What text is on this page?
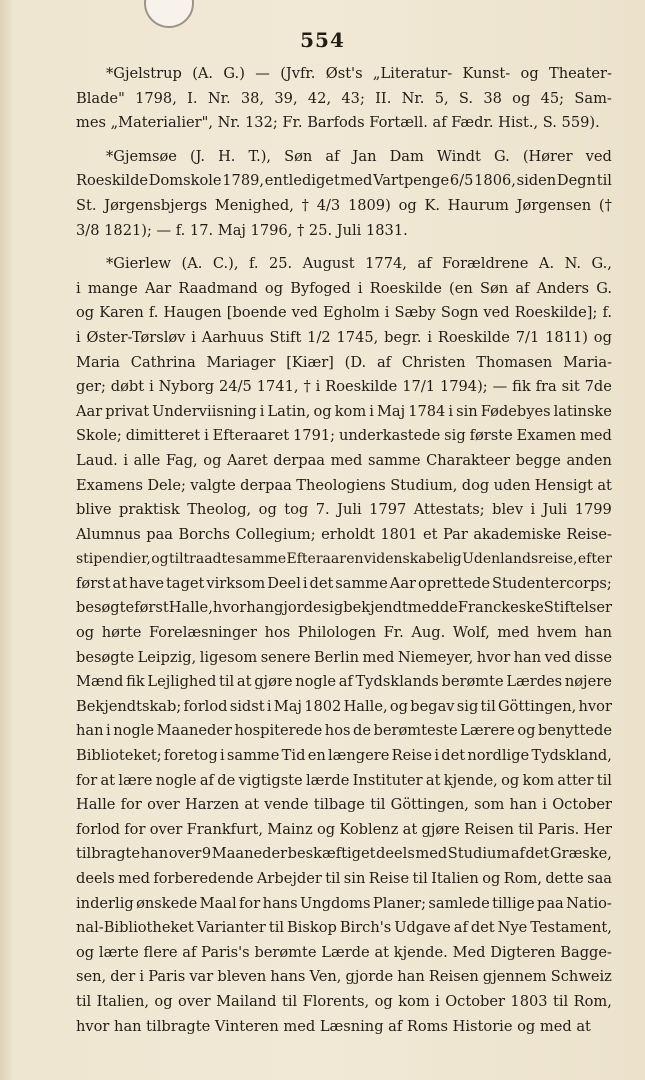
554
*Gjelstrup (A. G.) — (Jvfr. Øst's „Literatur- Kunst- og Theater-
Blade" 1798, I. Nr. 38, 39, 42, 43; II. Nr. 5, S. 38 og 45; Sam-
mes „Materialier", Nr. 132; Fr. Barfods Fortæll. af Fædr. Hist., S. 559).
*Gjemsøe (J. H. T.), Søn af Jan Dam Windt G. (Hører ved
Roeskilde Domskole 1789, entlediget med Vartpenge 6/5 1806, siden Degn til
St. Jørgensbjergs Menighed, † 4/3 1809) og K. Haurum Jørgensen (†
3/8 1821); — f. 17. Maj 1796, † 25. Juli 1831.
*Gierlew (A. C.), f. 25. August 1774, af Forældrene A. N. G.,
i mange Aar Raadmand og Byfoged i Roeskilde (en Søn af Anders G.
og Karen f. Haugen [boende ved Egholm i Sæby Sogn ved Roeskilde]; f.
i Øster-Tørsløv i Aarhuus Stift 1/2 1745, begr. i Roeskilde 7/1 1811) og
Maria Cathrina Mariager [Kiær] (D. af Christen Thomasen Maria-
ger; døbt i Nyborg 24/5 1741, † i Roeskilde 17/1 1794); — fik fra sit 7de
Aar privat Underviisning i Latin, og kom i Maj 1784 i sin Fødebyes latinske
Skole; dimitteret i Efteraaret 1791; underkastede sig første Examen med
Laud. i alle Fag, og Aaret derpaa med samme Charakteer begge anden
Examens Dele; valgte derpaa Theologiens Studium, dog uden Hensigt at
blive praktisk Theolog, og tog 7. Juli 1797 Attestats; blev i Juli 1799
Alumnus paa Borchs Collegium; erholdt 1801 et Par akademiske Reise-
stipendier, og tiltraadte samme Efteraar en videnskabelig Udenlandsreise, efter
først at have taget virksom Deel i det samme Aar oprettede Studentercorps;
besøgte først Halle, hvor han gjorde sig bekjendt med de Franckeske Stiftelser
og hørte Forelæsninger hos Philologen Fr. Aug. Wolf, med hvem han
besøgte Leipzig, ligesom senere Berlin med Niemeyer, hvor han ved disse
Mænd fik Lejlighed til at gjøre nogle af Tydsklands berømte Lærdes nøjere
Bekjendtskab; forlod sidst i Maj 1802 Halle, og begav sig til Göttingen, hvor
han i nogle Maaneder hospiterede hos de berømteste Lærere og benyttede
Biblioteket; foretog i samme Tid en længere Reise i det nordlige Tydskland,
for at lære nogle af de vigtigste lærde Instituter at kjende, og kom atter til
Halle for over Harzen at vende tilbage til Göttingen, som han i October
forlod for over Frankfurt, Mainz og Koblenz at gjøre Reisen til Paris. Her
tilbragte han over 9 Maaneder beskæftiget deels med Studium af det Græske,
deels med forberedende Arbejder til sin Reise til Italien og Rom, dette saa
inderlig ønskede Maal for hans Ungdoms Planer; samlede tillige paa Natio-
nal-Bibliotheket Varianter til Biskop Birch's Udgave af det Nye Testament,
og lærte flere af Paris's berømte Lærde at kjende. Med Digteren Bagge-
sen, der i Paris var bleven hans Ven, gjorde han Reisen gjennem Schweiz
til Italien, og over Mailand til Florents, og kom i October 1803 til Rom,
hvor han tilbragte Vinteren med Læsning af Roms Historie og med at
